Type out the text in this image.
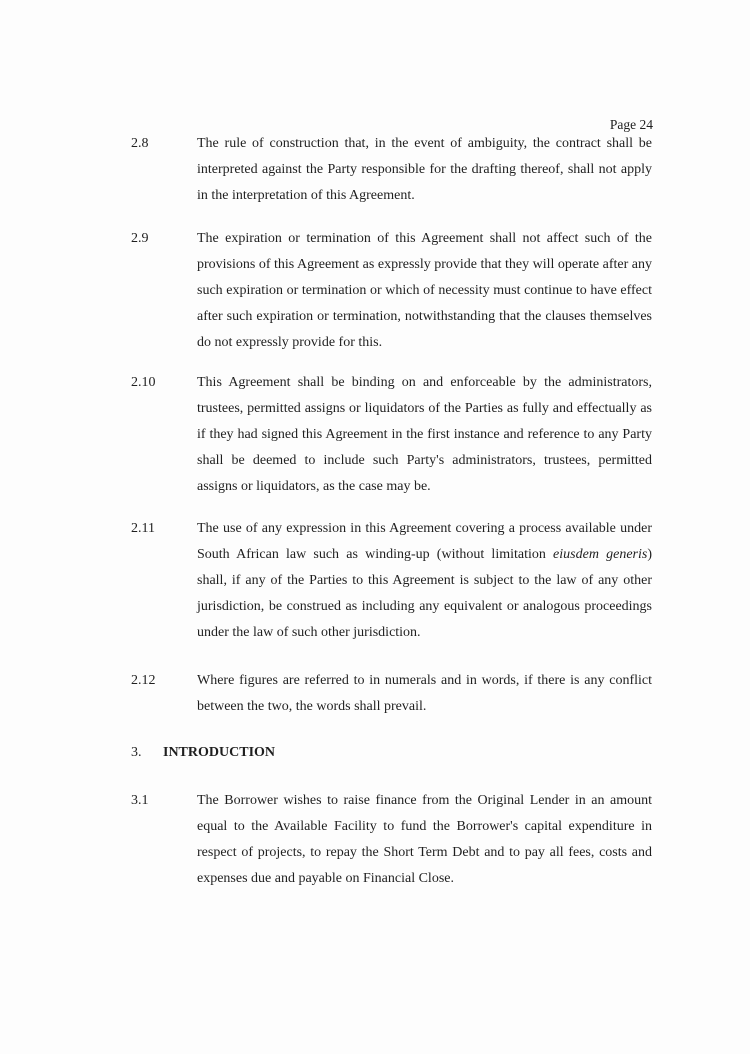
Page 24
2.8	The rule of construction that, in the event of ambiguity, the contract shall be interpreted against the Party responsible for the drafting thereof, shall not apply in the interpretation of this Agreement.
2.9	The expiration or termination of this Agreement shall not affect such of the provisions of this Agreement as expressly provide that they will operate after any such expiration or termination or which of necessity must continue to have effect after such expiration or termination, notwithstanding that the clauses themselves do not expressly provide for this.
2.10	This Agreement shall be binding on and enforceable by the administrators, trustees, permitted assigns or liquidators of the Parties as fully and effectually as if they had signed this Agreement in the first instance and reference to any Party shall be deemed to include such Party's administrators, trustees, permitted assigns or liquidators, as the case may be.
2.11	The use of any expression in this Agreement covering a process available under South African law such as winding-up (without limitation eiusdem generis) shall, if any of the Parties to this Agreement is subject to the law of any other jurisdiction, be construed as including any equivalent or analogous proceedings under the law of such other jurisdiction.
2.12	Where figures are referred to in numerals and in words, if there is any conflict between the two, the words shall prevail.
3. INTRODUCTION
3.1	The Borrower wishes to raise finance from the Original Lender in an amount equal to the Available Facility to fund the Borrower's capital expenditure in respect of projects, to repay the Short Term Debt and to pay all fees, costs and expenses due and payable on Financial Close.
